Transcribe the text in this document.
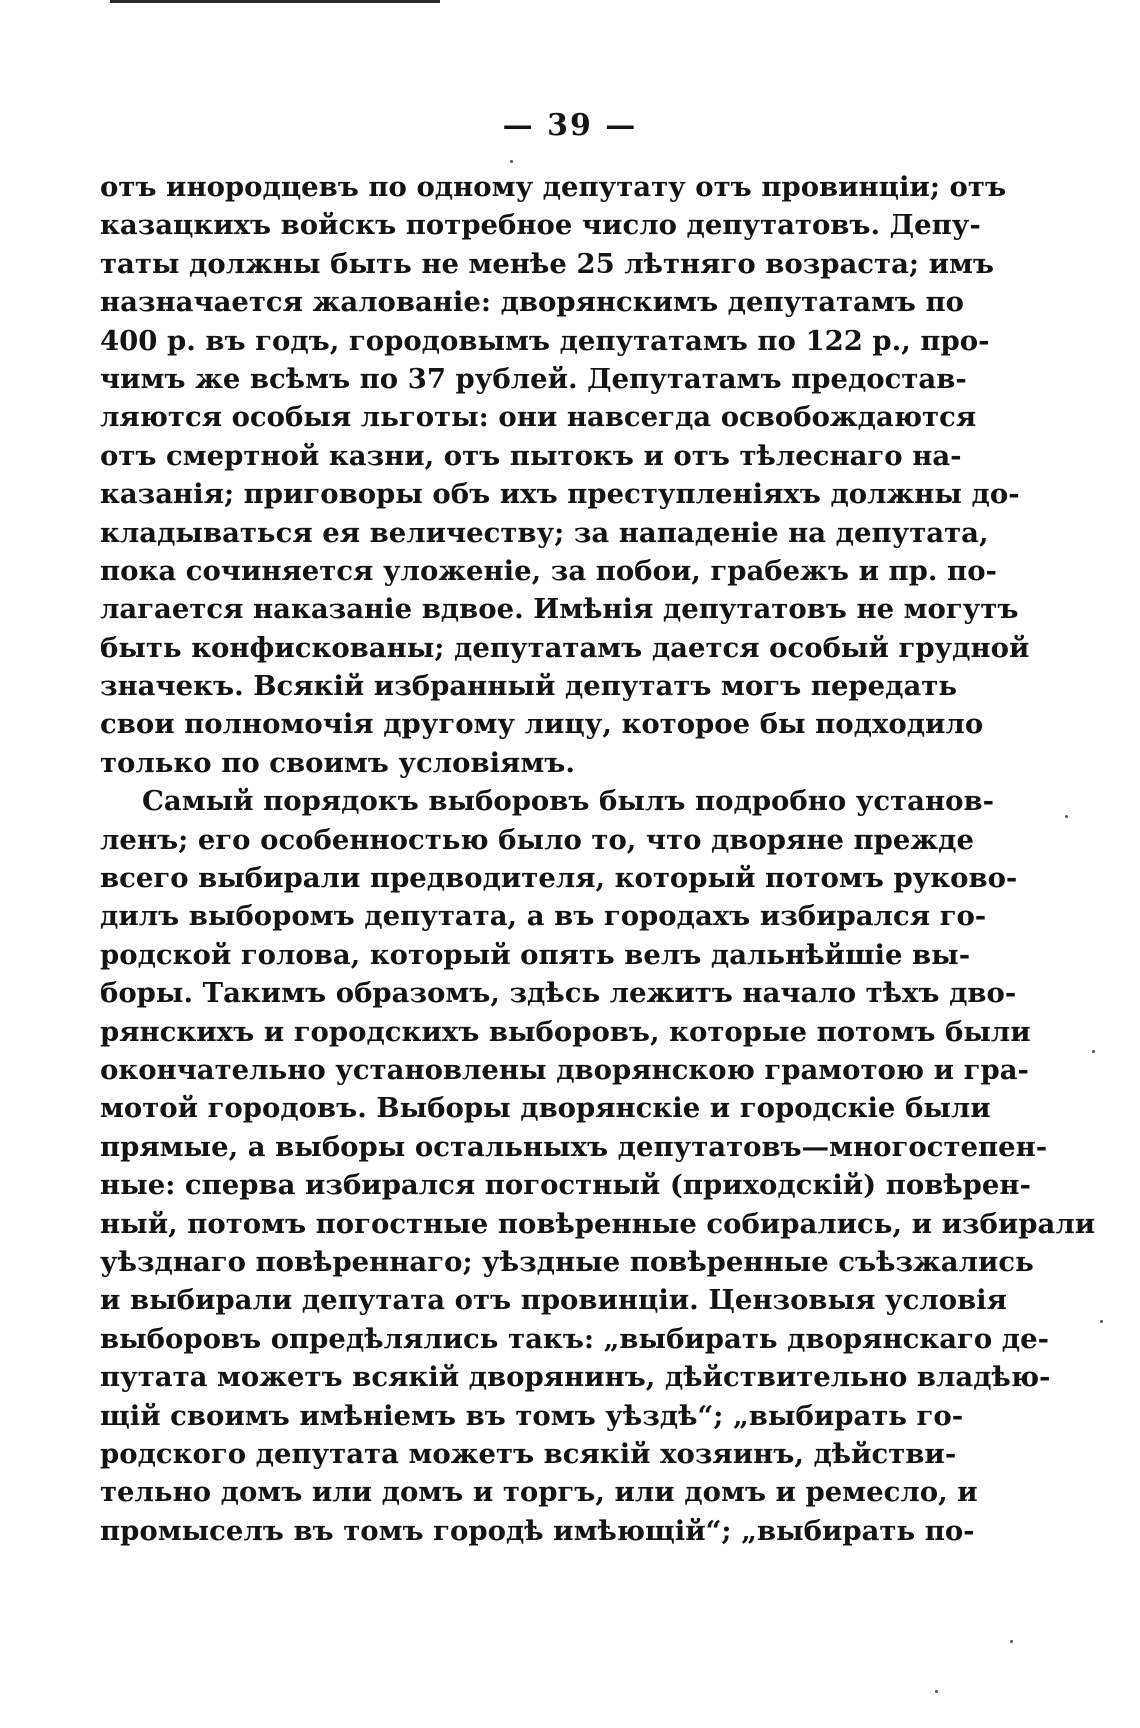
— 39 —
отъ инородцевъ по одному депутату отъ провинціи; отъ
казацкихъ войскъ потребное число депутатовъ. Депу-
таты должны быть не менѣе 25 лѣтняго возраста; имъ
назначается жалованіе: дворянскимъ депутатамъ по
400 р. въ годъ, городовымъ депутатамъ по 122 р., про-
чимъ же всѣмъ по 37 рублей. Депутатамъ предостав-
ляются особыя льготы: они навсегда освобождаются
отъ смертной казни, отъ пытокъ и отъ тѣлеснаго на-
казанія; приговоры объ ихъ преступленіяхъ должны до-
кладываться ея величеству; за нападеніе на депутата,
пока сочиняется уложеніе, за побои, грабежъ и пр. по-
лагается наказаніе вдвое. Имѣнія депутатовъ не могутъ
быть конфискованы; депутатамъ дается особый грудной
значекъ. Всякій избранный депутатъ могъ передать
свои полномочія другому лицу, которое бы подходило
только по своимъ условіямъ.
Самый порядокъ выборовъ былъ подробно установ-
ленъ; его особенностью было то, что дворяне прежде
всего выбирали предводителя, который потомъ руково-
дилъ выборомъ депутата, а въ городахъ избирался го-
родской голова, который опять велъ дальнѣйшіе вы-
боры. Такимъ образомъ, здѣсь лежитъ начало тѣхъ дво-
рянскихъ и городскихъ выборовъ, которые потомъ были
окончательно установлены дворянскою грамотою и гра-
мотой городовъ. Выборы дворянскіе и городскіе были
прямые, а выборы остальныхъ депутатовъ—многостепен-
ные: сперва избирался погостный (приходскій) повѣрен-
ный, потомъ погостные повѣренные собирались, и избирали
уѣзднаго повѣреннаго; уѣздные повѣренные съѣзжались
и выбирали депутата отъ провинціи. Цензовыя условія
выборовъ опредѣлялись такъ: „выбирать дворянскаго де-
путата можетъ всякій дворянинъ, дѣйствительно владѣю-
щій своимъ имѣніемъ въ томъ уѣздѣ“; „выбирать го-
родского депутата можетъ всякій хозяинъ, дѣйстви-
тельно домъ или домъ и торгъ, или домъ и ремесло, и
промыселъ въ томъ городѣ имѣющій“; „выбирать по-
